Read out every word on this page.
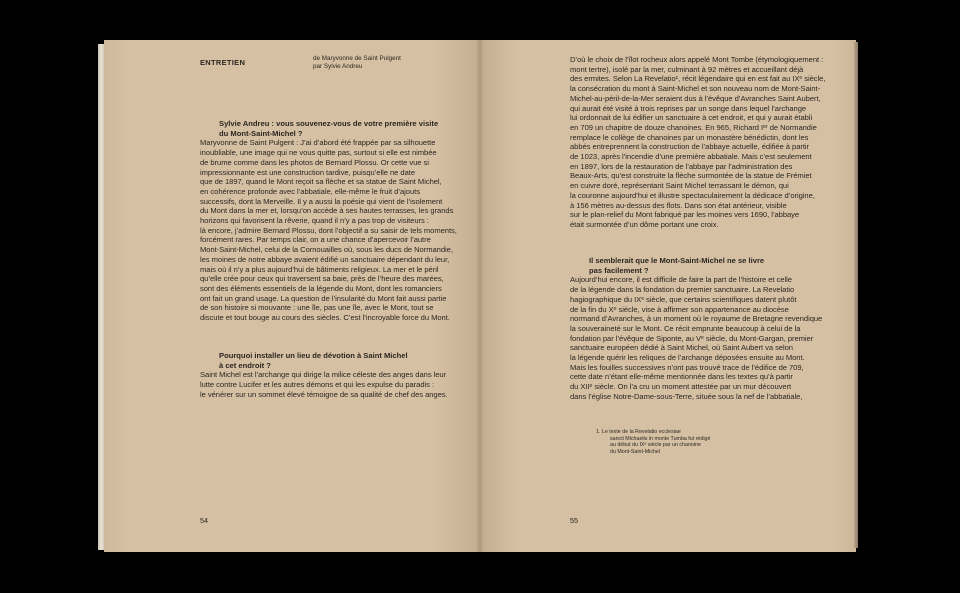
ENTRETIEN	de Maryvonne de Saint Pulgent
par Sylvie Andreu
Sylvie Andreu : vous souvenez-vous de votre première visite
du Mont-Saint-Michel ?
Maryvonne de Saint Pulgent : J’ai d’abord été frappée par sa silhouette
inoubliable, une image qui ne vous quitte pas, surtout si elle est nimbée
de brume comme dans les photos de Bernard Plossu. Or cette vue si
impressionnante est une construction tardive, puisqu’elle ne date
que de 1897, quand le Mont reçoit sa flèche et sa statue de Saint Michel,
en cohérence profonde avec l’abbatiale, elle-même le fruit d’ajouts
successifs, dont la Merveille. Il y a aussi la poésie qui vient de l’isolement
du Mont dans la mer et, lorsqu’on accède à ses hautes terrasses, les grands
horizons qui favorisent la rêverie, quand il n’y a pas trop de visiteurs :
là encore, j’admire Bernard Plossu, dont l’objectif a su saisir de tels moments,
forcément rares. Par temps clair, on a une chance d’apercevoir l’autre
Mont-Saint-Michel, celui de la Cornouailles où, sous les ducs de Normandie,
les moines de notre abbaye avaient édifié un sanctuaire dépendant du leur,
mais où il n’y a plus aujourd’hui de bâtiments religieux. La mer et le péril
qu’elle crée pour ceux qui traversent sa baie, près de l’heure des marées,
sont des éléments essentiels de la légende du Mont, dont les romanciers
ont fait un grand usage. La question de l’insularité du Mont fait aussi partie
de son histoire si mouvante : une île, pas une île, avec le Mont, tout se
discute et tout bouge au cours des siècles. C’est l’incroyable force du Mont.
Pourquoi installer un lieu de dévotion à Saint Michel
à cet endroit ?
Saint Michel est l’archange qui dirige la milice céleste des anges dans leur
lutte contre Lucifer et les autres démons et qui les expulse du paradis :
le vénérer sur un sommet élevé témoigne de sa qualité de chef des anges.
54
D’où le choix de l’îlot rocheux alors appelé Mont Tombe (étymologiquement :
mont tertre), isolé par la mer, culminant à 92 mètres et accueillant déjà
des ermites. Selon La Revelatio¹, récit légendaire qui en est fait au IXᵉ siècle,
la consécration du mont à Saint-Michel et son nouveau nom de Mont-Saint-
Michel-au-péril-de-la-Mer seraient dus à l’évêque d’Avranches Saint Aubert,
qui aurait été visité à trois reprises par un songe dans lequel l’archange
lui ordonnait de lui édifier un sanctuaire à cet endroit, et qui y aurait établi
en 709 un chapitre de douze chanoines. En 965, Richard Iᵉʳ de Normandie
remplace le collège de chanoines par un monastère bénédictin, dont les
abbés entreprennent la construction de l’abbaye actuelle, édifiée à partir
de 1023, après l’incendie d’une première abbatiale. Mais c’est seulement
en 1897, lors de la restauration de l’abbaye par l’administration des
Beaux-Arts, qu’est construite la flèche surmontée de la statue de Frémiet
en cuivre doré, représentant Saint Michel terrassant le démon, qui
la couronne aujourd’hui et illustre spectaculairement la dédicace d’origine,
à 156 mètres au-dessus des flots. Dans son état antérieur, visible
sur le plan-relief du Mont fabriqué par les moines vers 1690, l’abbaye
était surmontée d’un dôme portant une croix.
Il semblerait que le Mont-Saint-Michel ne se livre
pas facilement ?
Aujourd’hui encore, il est difficile de faire la part de l’histoire et celle
de la légende dans la fondation du premier sanctuaire. La Revelatio
hagiographique du IXᵉ siècle, que certains scientifiques datent plutôt
de la fin du Xᵉ siècle, vise à affirmer son appartenance au diocèse
normand d’Avranches, à un moment où le royaume de Bretagne revendique
la souveraineté sur le Mont. Ce récit emprunte beaucoup à celui de la
fondation par l’évêque de Siponte, au Vᵉ siècle, du Mont-Gargan, premier
sanctuaire européen dédié à Saint Michel, où Saint Aubert va selon
la légende quérir les reliques de l’archange déposées ensuite au Mont.
Mais les fouilles successives n’ont pas trouvé trace de l’édifice de 709,
cette date n’étant elle-même mentionnée dans les textes qu’à partir
du XIIᵉ siècle. On l’a cru un moment attestée par un mur découvert
dans l’église Notre-Dame-sous-Terre, située sous la nef de l’abbatiale,
1. Le texte de la Revelatio ecclesiae
sancti Michaelis in monte Tumba fut rédigé
au début du IXᵉ siècle par un chanoine
du Mont-Saint-Michel
55
